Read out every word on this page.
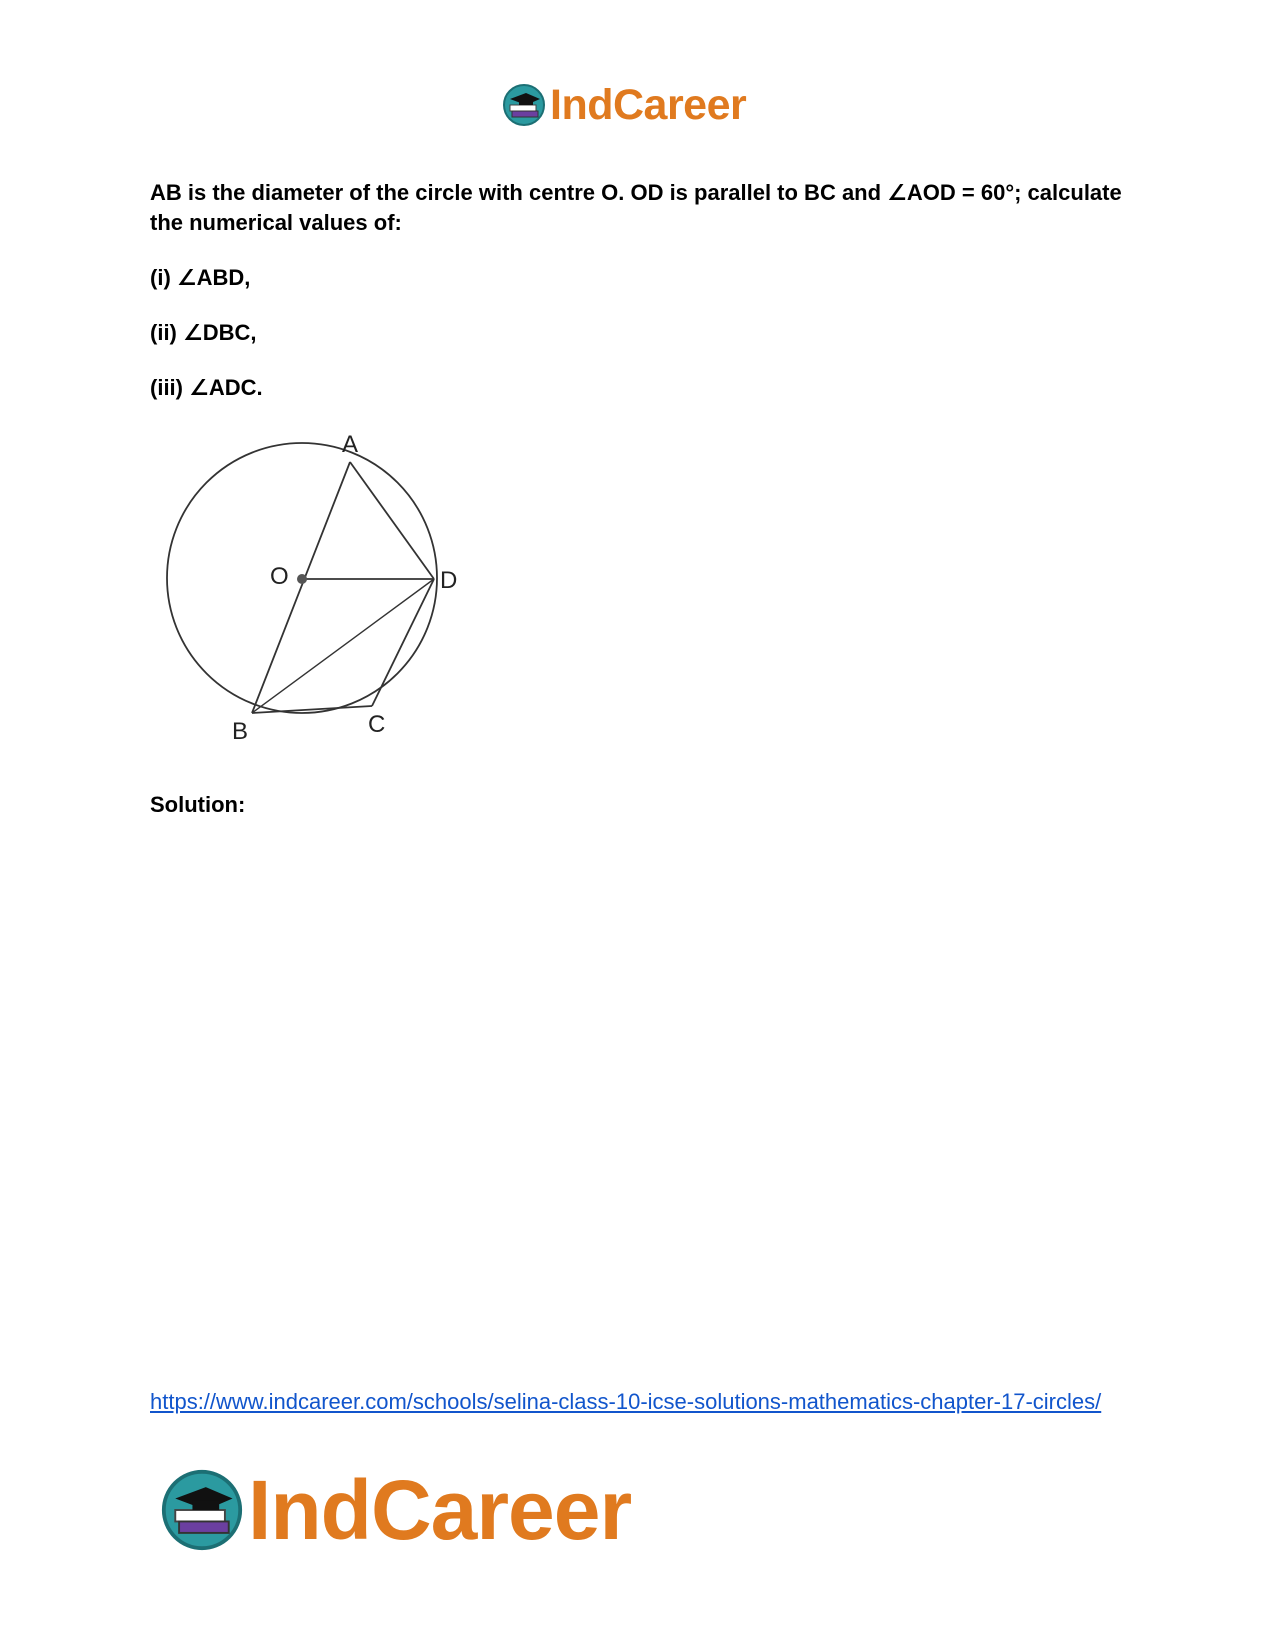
IndCareer
AB is the diameter of the circle with centre O. OD is parallel to BC and ∠AOD = 60°; calculate the numerical values of:
(i) ∠ABD,
(ii) ∠DBC,
(iii) ∠ADC.
A
O	D
B	C
Solution:
https://www.indcareer.com/schools/selina-class-10-icse-solutions-mathematics-chapter-17-circles/
IndCareer
